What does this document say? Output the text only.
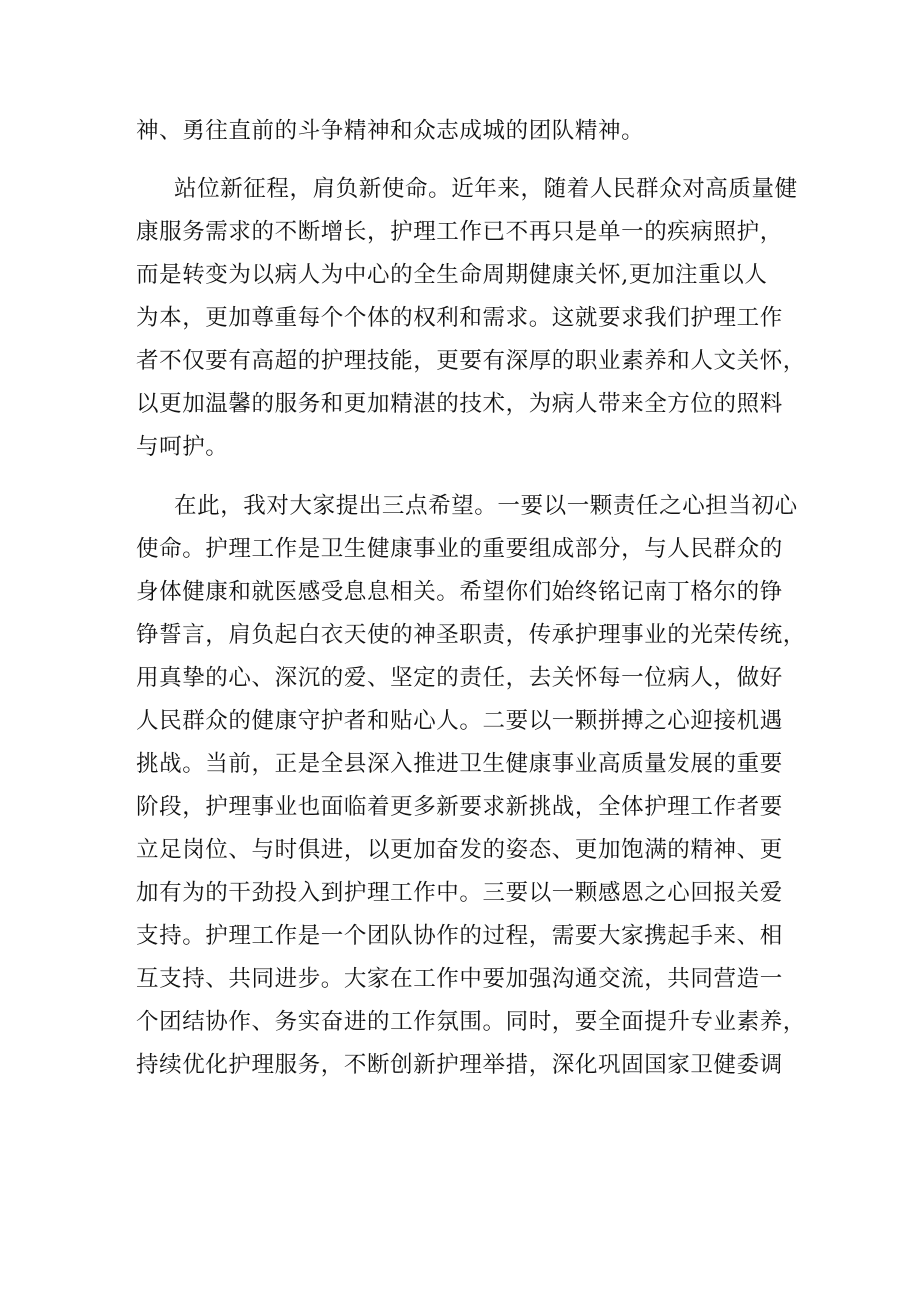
神、勇往直前的斗争精神和众志成城的团队精神。

站位新征程，肩负新使命。近年来，随着人民群众对高质量健

康服务需求的不断增长，护理工作已不再只是单一的疾病照护，

而是转变为以病人为中心的全生命周期健康关怀,更加注重以人

为本，更加尊重每个个体的权利和需求。这就要求我们护理工作

者不仅要有高超的护理技能，更要有深厚的职业素养和人文关怀，

以更加温馨的服务和更加精湛的技术，为病人带来全方位的照料

与呵护。

在此，我对大家提出三点希望。一要以一颗责任之心担当初心

使命。护理工作是卫生健康事业的重要组成部分，与人民群众的

身体健康和就医感受息息相关。希望你们始终铭记南丁格尔的铮

铮誓言，肩负起白衣天使的神圣职责，传承护理事业的光荣传统，

用真挚的心、深沉的爱、坚定的责任，去关怀每一位病人，做好

人民群众的健康守护者和贴心人。二要以一颗拼搏之心迎接机遇

挑战。当前，正是全县深入推进卫生健康事业高质量发展的重要

阶段，护理事业也面临着更多新要求新挑战，全体护理工作者要

立足岗位、与时俱进，以更加奋发的姿态、更加饱满的精神、更

加有为的干劲投入到护理工作中。三要以一颗感恩之心回报关爱

支持。护理工作是一个团队协作的过程，需要大家携起手来、相

互支持、共同进步。大家在工作中要加强沟通交流，共同营造一

个团结协作、务实奋进的工作氛围。同时，要全面提升专业素养，

持续优化护理服务，不断创新护理举措，深化巩固国家卫健委调
